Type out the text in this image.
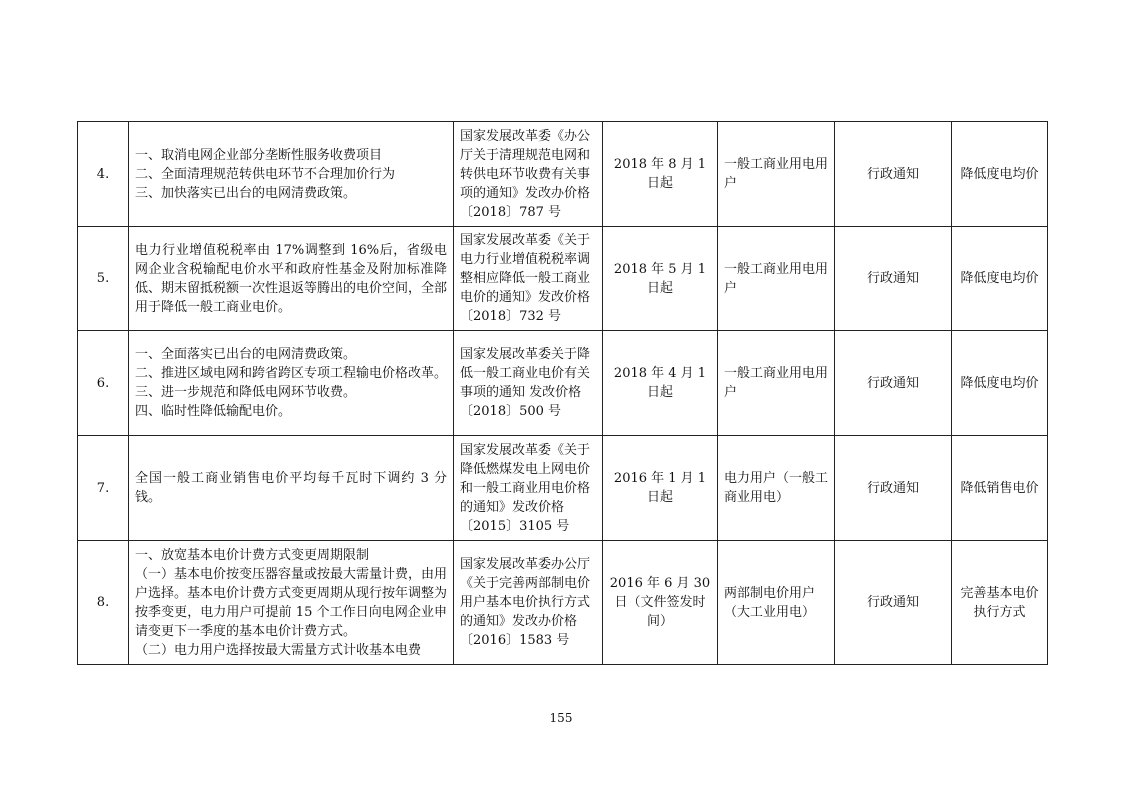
4.	一、取消电网企业部分垄断性服务收费项目
二、全面清理规范转供电环节不合理加价行为
三、加快落实已出台的电网清费政策。	国家发展改革委《办公厅关于清理规范电网和转供电环节收费有关事项的通知》发改办价格〔2018〕787 号	2018 年 8 月 1 日起	一般工商业用电用户	行政通知	降低度电均价
5.	电力行业增值税税率由 17%调整到 16%后，省级电网企业含税输配电价水平和政府性基金及附加标准降低、期末留抵税额一次性退返等腾出的电价空间，全部用于降低一般工商业电价。	国家发展改革委《关于电力行业增值税税率调整相应降低一般工商业电价的通知》发改价格〔2018〕732 号	2018 年 5 月 1 日起	一般工商业用电用户	行政通知	降低度电均价
6.	一、全面落实已出台的电网清费政策。
二、推进区域电网和跨省跨区专项工程输电价格改革。
三、进一步规范和降低电网环节收费。
四、临时性降低输配电价。	国家发展改革委关于降低一般工商业电价有关事项的通知 发改价格〔2018〕500 号	2018 年 4 月 1 日起	一般工商业用电用户	行政通知	降低度电均价
7.	全国一般工商业销售电价平均每千瓦时下调约 3 分钱。	国家发展改革委《关于降低燃煤发电上网电价和一般工商业用电价格的通知》发改价格〔2015〕3105 号	2016 年 1 月 1 日起	电力用户（一般工商业用电）	行政通知	降低销售电价
8.	一、放宽基本电价计费方式变更周期限制
（一）基本电价按变压器容量或按最大需量计费，由用户选择。基本电价计费方式变更周期从现行按年调整为按季变更，电力用户可提前 15 个工作日向电网企业申请变更下一季度的基本电价计费方式。
（二）电力用户选择按最大需量方式计收基本电费	国家发展改革委办公厅《关于完善两部制电价用户基本电价执行方式的通知》发改办价格〔2016〕1583 号	2016 年 6 月 30 日（文件签发时间）	两部制电价用户（大工业用电）	行政通知	完善基本电价执行方式
155
